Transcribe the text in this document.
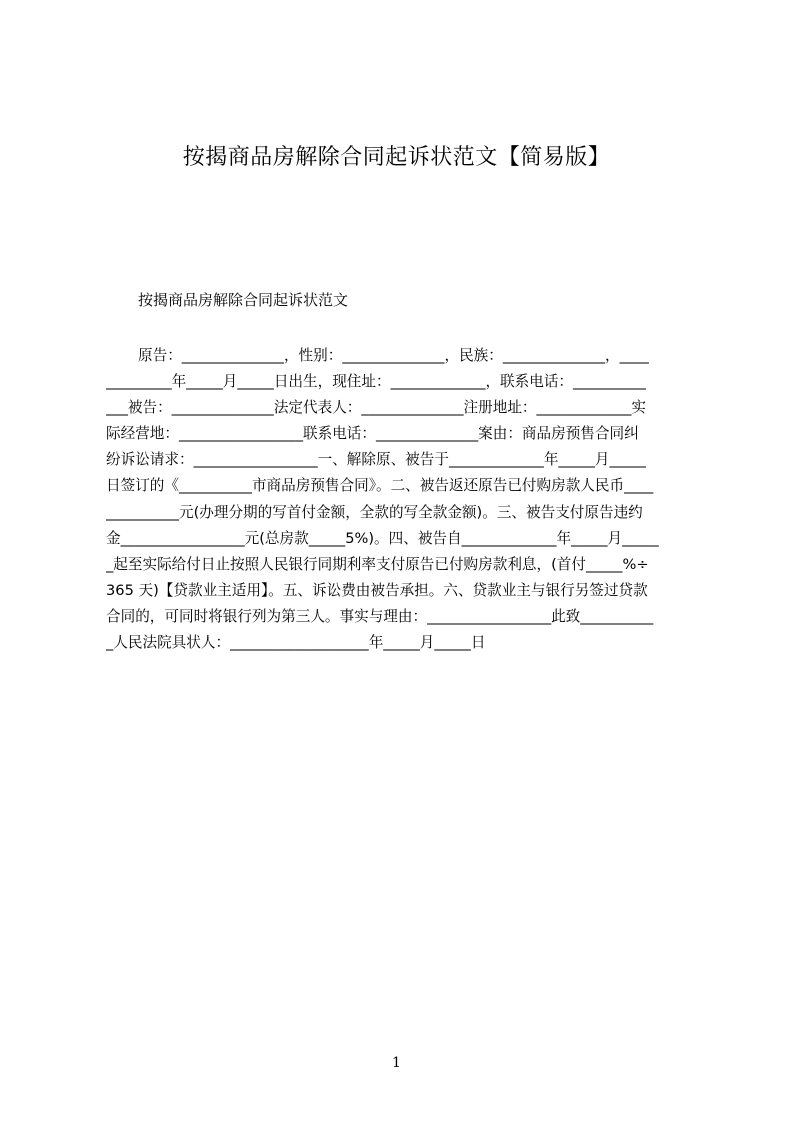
按揭商品房解除合同起诉状范文【简易版】
按揭商品房解除合同起诉状范文
原告：______________，性别：______________，民族：______________，____
_________年_____月_____日出生，现住址：_____________，联系电话：__________
___被告：______________法定代表人：______________注册地址：_____________实
际经营地：_________________联系电话：______________案由：商品房预售合同纠
纷诉讼请求：_________________一、解除原、被告于_____________年_____月_____
日签订的《__________市商品房预售合同》。二、被告返还原告已付购房款人民币____
__________元(办理分期的写首付金额，全款的写全款金额)。三、被告支付原告违约
金_________________元(总房款_____5%)。四、被告自_____________年_____月_____
_起至实际给付日止按照人民银行同期利率支付原告已付购房款利息，(首付_____%÷
365 天)【贷款业主适用】。五、诉讼费由被告承担。六、贷款业主与银行另签过贷款
合同的，可同时将银行列为第三人。事实与理由：_________________此致__________
_人民法院具状人：___________________年_____月_____日
1
